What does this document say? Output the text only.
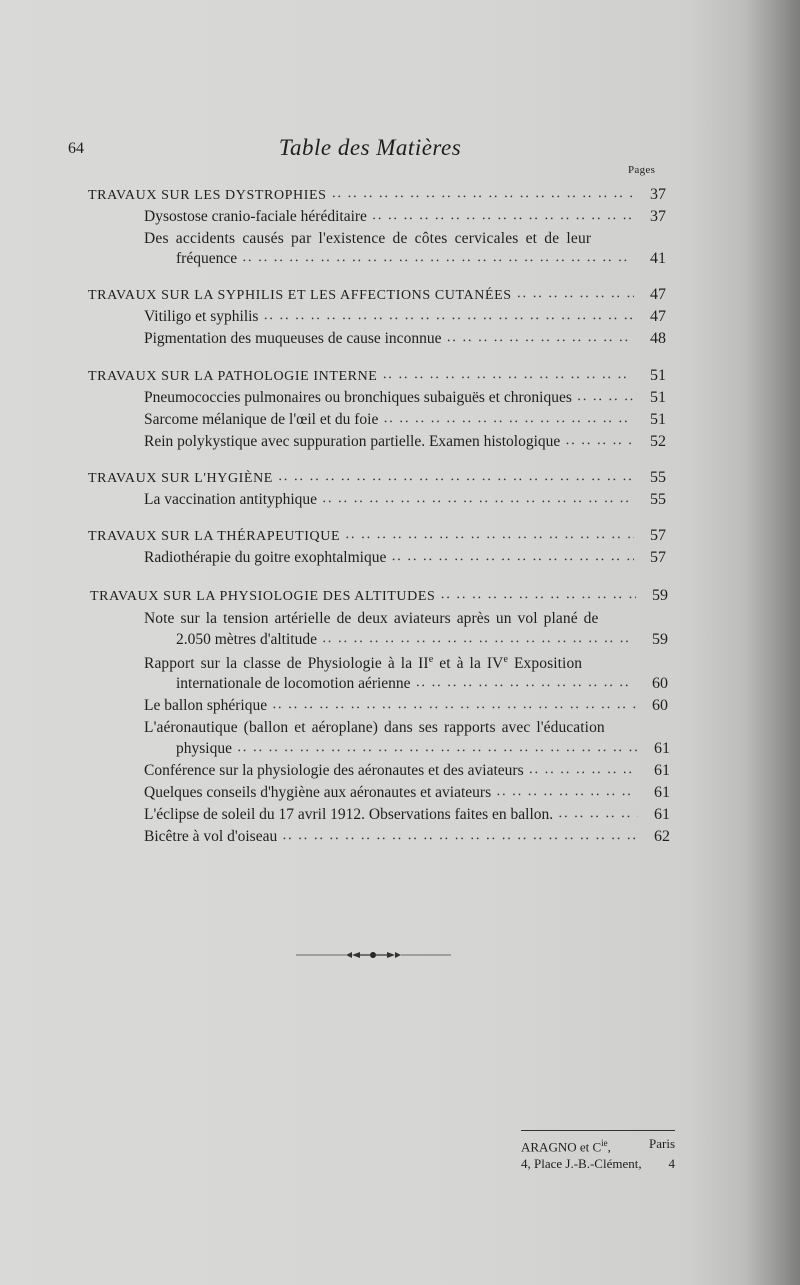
64	Table des Matières
Pages
TRAVAUX SUR LES DYSTROPHIES •• ••	37
Dysostose cranio-faciale héréditaire •• ••	37
Des accidents causés par l'existence de côtes cervicales et de leur
fréquence •• ••	41
TRAVAUX SUR LA SYPHILIS ET LES AFFECTIONS CUTANÉES •• ••	47
Vitiligo et syphilis •• ••	47
Pigmentation des muqueuses de cause inconnue •• ••	48
TRAVAUX SUR LA PATHOLOGIE INTERNE •• ••	51
Pneumococcies pulmonaires ou bronchiques subaiguës et chroniques •• ••	51
Sarcome mélanique de l'œil et du foie •• ••	51
Rein polykystique avec suppuration partielle. Examen histologique •• ••	52
TRAVAUX SUR L'HYGIÈNE •• ••	55
La vaccination antityphique •• ••	55
TRAVAUX SUR LA THÉRAPEUTIQUE •• ••	57
Radiothérapie du goitre exophtalmique •• ••	57
TRAVAUX SUR LA PHYSIOLOGIE DES ALTITUDES •• ••	59
Note sur la tension artérielle de deux aviateurs après un vol plané de
2.050 mètres d'altitude •• ••	59
Rapport sur la classe de Physiologie à la IIe et à la IVe Exposition
internationale de locomotion aérienne •• ••	60
Le ballon sphérique •• ••	60
L'aéronautique (ballon et aéroplane) dans ses rapports avec l'éducation
physique •• ••	61
Conférence sur la physiologie des aéronautes et des aviateurs •• ••	61
Quelques conseils d'hygiène aux aéronautes et aviateurs •• ••	61
L'éclipse de soleil du 17 avril 1912. Observations faites en ballon. •• ••	61
Bicêtre à vol d'oiseau •• ••	62
ARAGNO et $C^{ie}$,	Paris
4, Place J.-B.-Clément, 4
